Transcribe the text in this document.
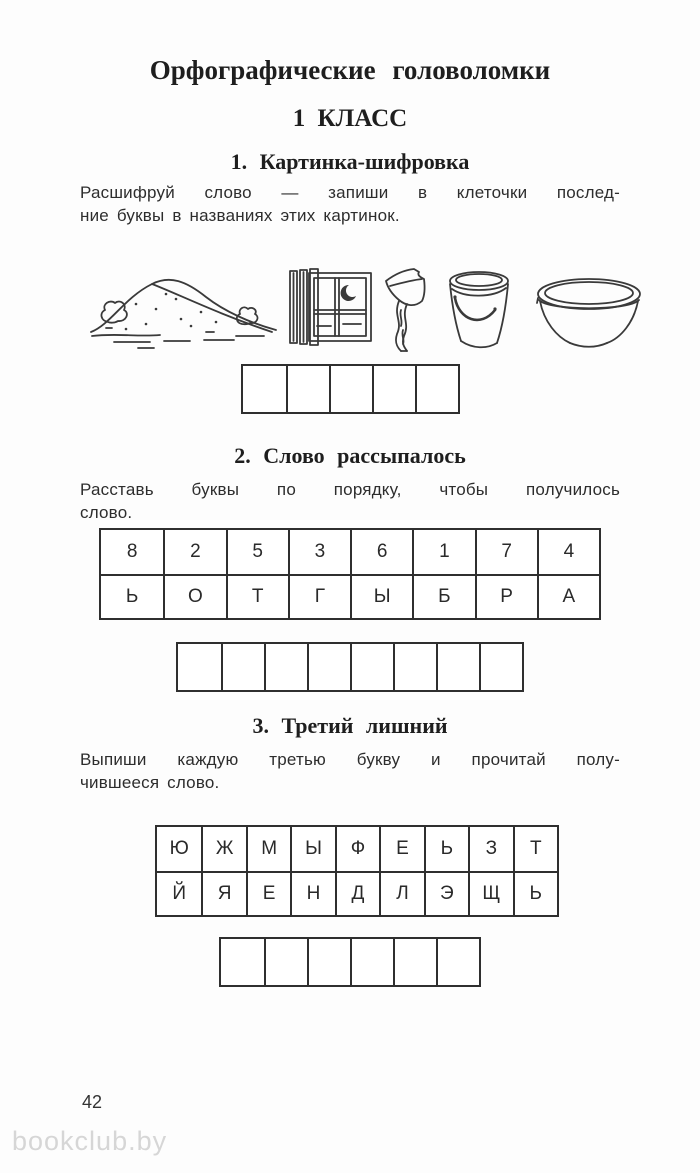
Орфографические головоломки
1 КЛАСС
1. Картинка-шифровка
Расшифруй слово — запиши в клеточки послед-
ние буквы в названиях этих картинок.
2. Слово рассыпалось
Расставь буквы по порядку, чтобы получилось
слово.
8	2	5	3	6	1	7	4
Ь	О	Т	Г	Ы	Б	Р	А
3. Третий лишний
Выпиши каждую третью букву и прочитай полу-
чившееся слово.
Ю	Ж	М	Ы	Ф	Е	Ь	З	Т
Й	Я	Е	Н	Д	Л	Э	Щ	Ь
42
bookclub.by
